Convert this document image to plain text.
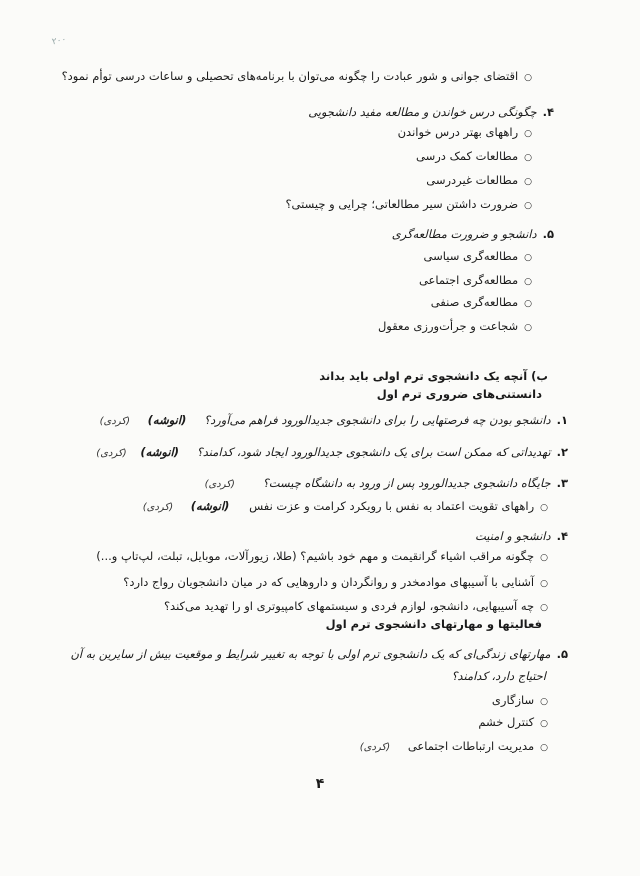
۲۰۰
○اقتضای جوانی و شور عبادت را چگونه می‌توان با برنامه‌های تحصیلی و ساعات درسی توأم نمود؟
۴.چگونگی درس خواندن و مطالعه مفید دانشجویی
○راههای بهتر درس خواندن
○مطالعات کمک درسی
○مطالعات غیردرسی
○ضرورت داشتن سیر مطالعاتی؛ چرایی و چیستی؟
۵.دانشجو و ضرورت مطالعه‌گری
○مطالعه‌گری سیاسی
○مطالعه‌گری اجتماعی
○مطالعه‌گری صنفی
○شجاعت و جرأت‌ورزی معقول
ب) آنچه یک دانشجوی ترم اولی باید بداند
دانستنی‌های ضروری ترم اول
۱.دانشجو بودن چه فرصتهایی را برای دانشجوی جدیدالورود فراهم می‌آورد؟ (انوشه) (کردی)
۲.تهدیداتی که ممکن است برای یک دانشجوی جدیدالورود ایجاد شود، کدامند؟ (انوشه) (کردی)
۳.جایگاه دانشجوی جدیدالورود پس از ورود به دانشگاه چیست؟ (کردی)
○راههای تقویت اعتماد به نفس با رویکرد کرامت و عزت نفس (انوشه) (کردی)
۴.دانشجو و امنیت
○چگونه مراقب اشیاء گرانقیمت و مهم خود باشیم؟ (طلا، زیورآلات، موبایل، تبلت، لپ‌تاپ و...)
○آشنایی با آسیبهای موادمخدر و روانگردان و داروهایی که در میان دانشجویان رواج دارد؟
○چه آسیبهایی، دانشجو، لوازم فردی و سیستمهای کامپیوتری او را تهدید می‌کند؟
فعالیتها و مهارتهای دانشجوی ترم اول
۵.مهارتهای زندگی‌ای که یک دانشجوی ترم اولی با توجه به تغییر شرایط و موقعیت بیش از سایرین به آن
احتیاج دارد، کدامند؟
○سازگاری
○کنترل خشم
○مدیریت ارتباطات اجتماعی (کردی)
۴
